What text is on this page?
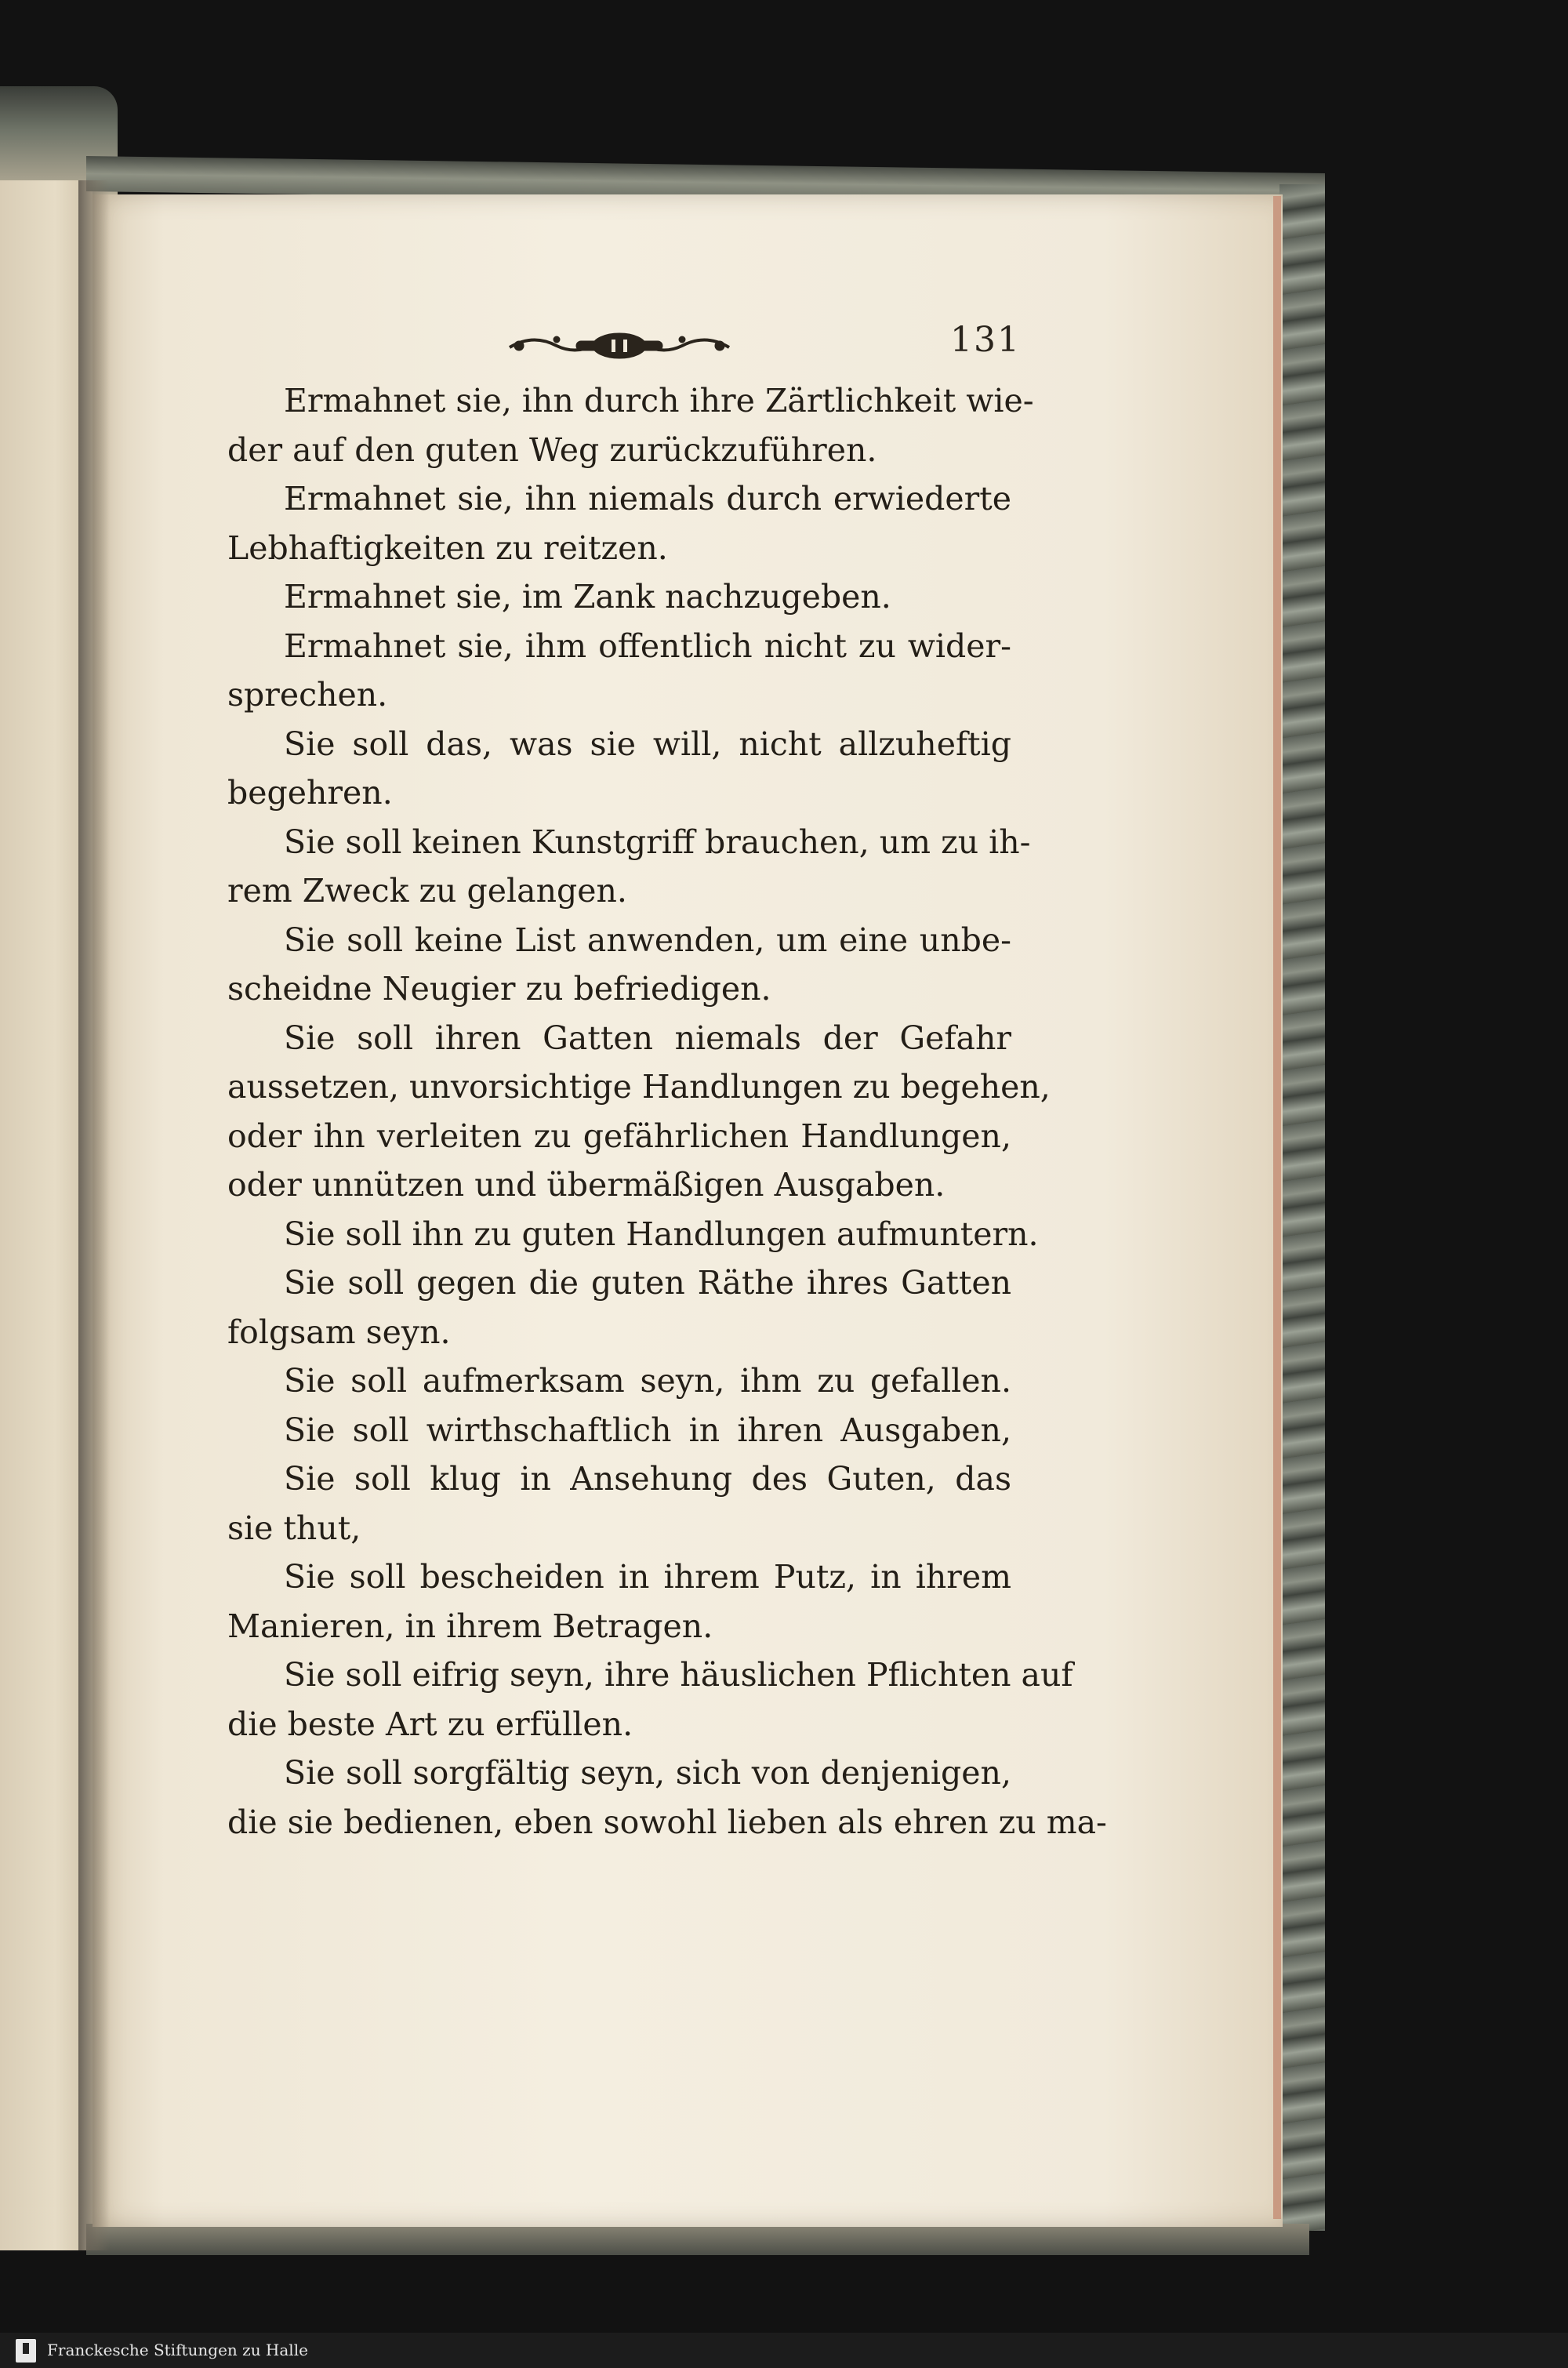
131
Ermahnet sie, ihn durch ihre Zärtlichkeit wie-
der auf den guten Weg zurückzuführen.
Ermahnet sie, ihn niemals durch erwiederte
Lebhaftigkeiten zu reitzen.
Ermahnet sie, im Zank nachzugeben.
Ermahnet sie, ihm offentlich nicht zu wider-
sprechen.
Sie soll das, was sie will, nicht allzuheftig
begehren.
Sie soll keinen Kunstgriff brauchen, um zu ih-
rem Zweck zu gelangen.
Sie soll keine List anwenden, um eine unbe-
scheidne Neugier zu befriedigen.
Sie soll ihren Gatten niemals der Gefahr
aussetzen, unvorsichtige Handlungen zu begehen,
oder ihn verleiten zu gefährlichen Handlungen,
oder unnützen und übermäßigen Ausgaben.
Sie soll ihn zu guten Handlungen aufmuntern.
Sie soll gegen die guten Räthe ihres Gatten
folgsam seyn.
Sie soll aufmerksam seyn, ihm zu gefallen.
Sie soll wirthschaftlich in ihren Ausgaben,
Sie soll klug in Ansehung des Guten, das
sie thut,
Sie soll bescheiden in ihrem Putz, in ihrem
Manieren, in ihrem Betragen.
Sie soll eifrig seyn, ihre häuslichen Pflichten auf
die beste Art zu erfüllen.
Sie soll sorgfältig seyn, sich von denjenigen,
die sie bedienen, eben sowohl lieben als ehren zu ma-
Franckesche Stiftungen zu Halle
